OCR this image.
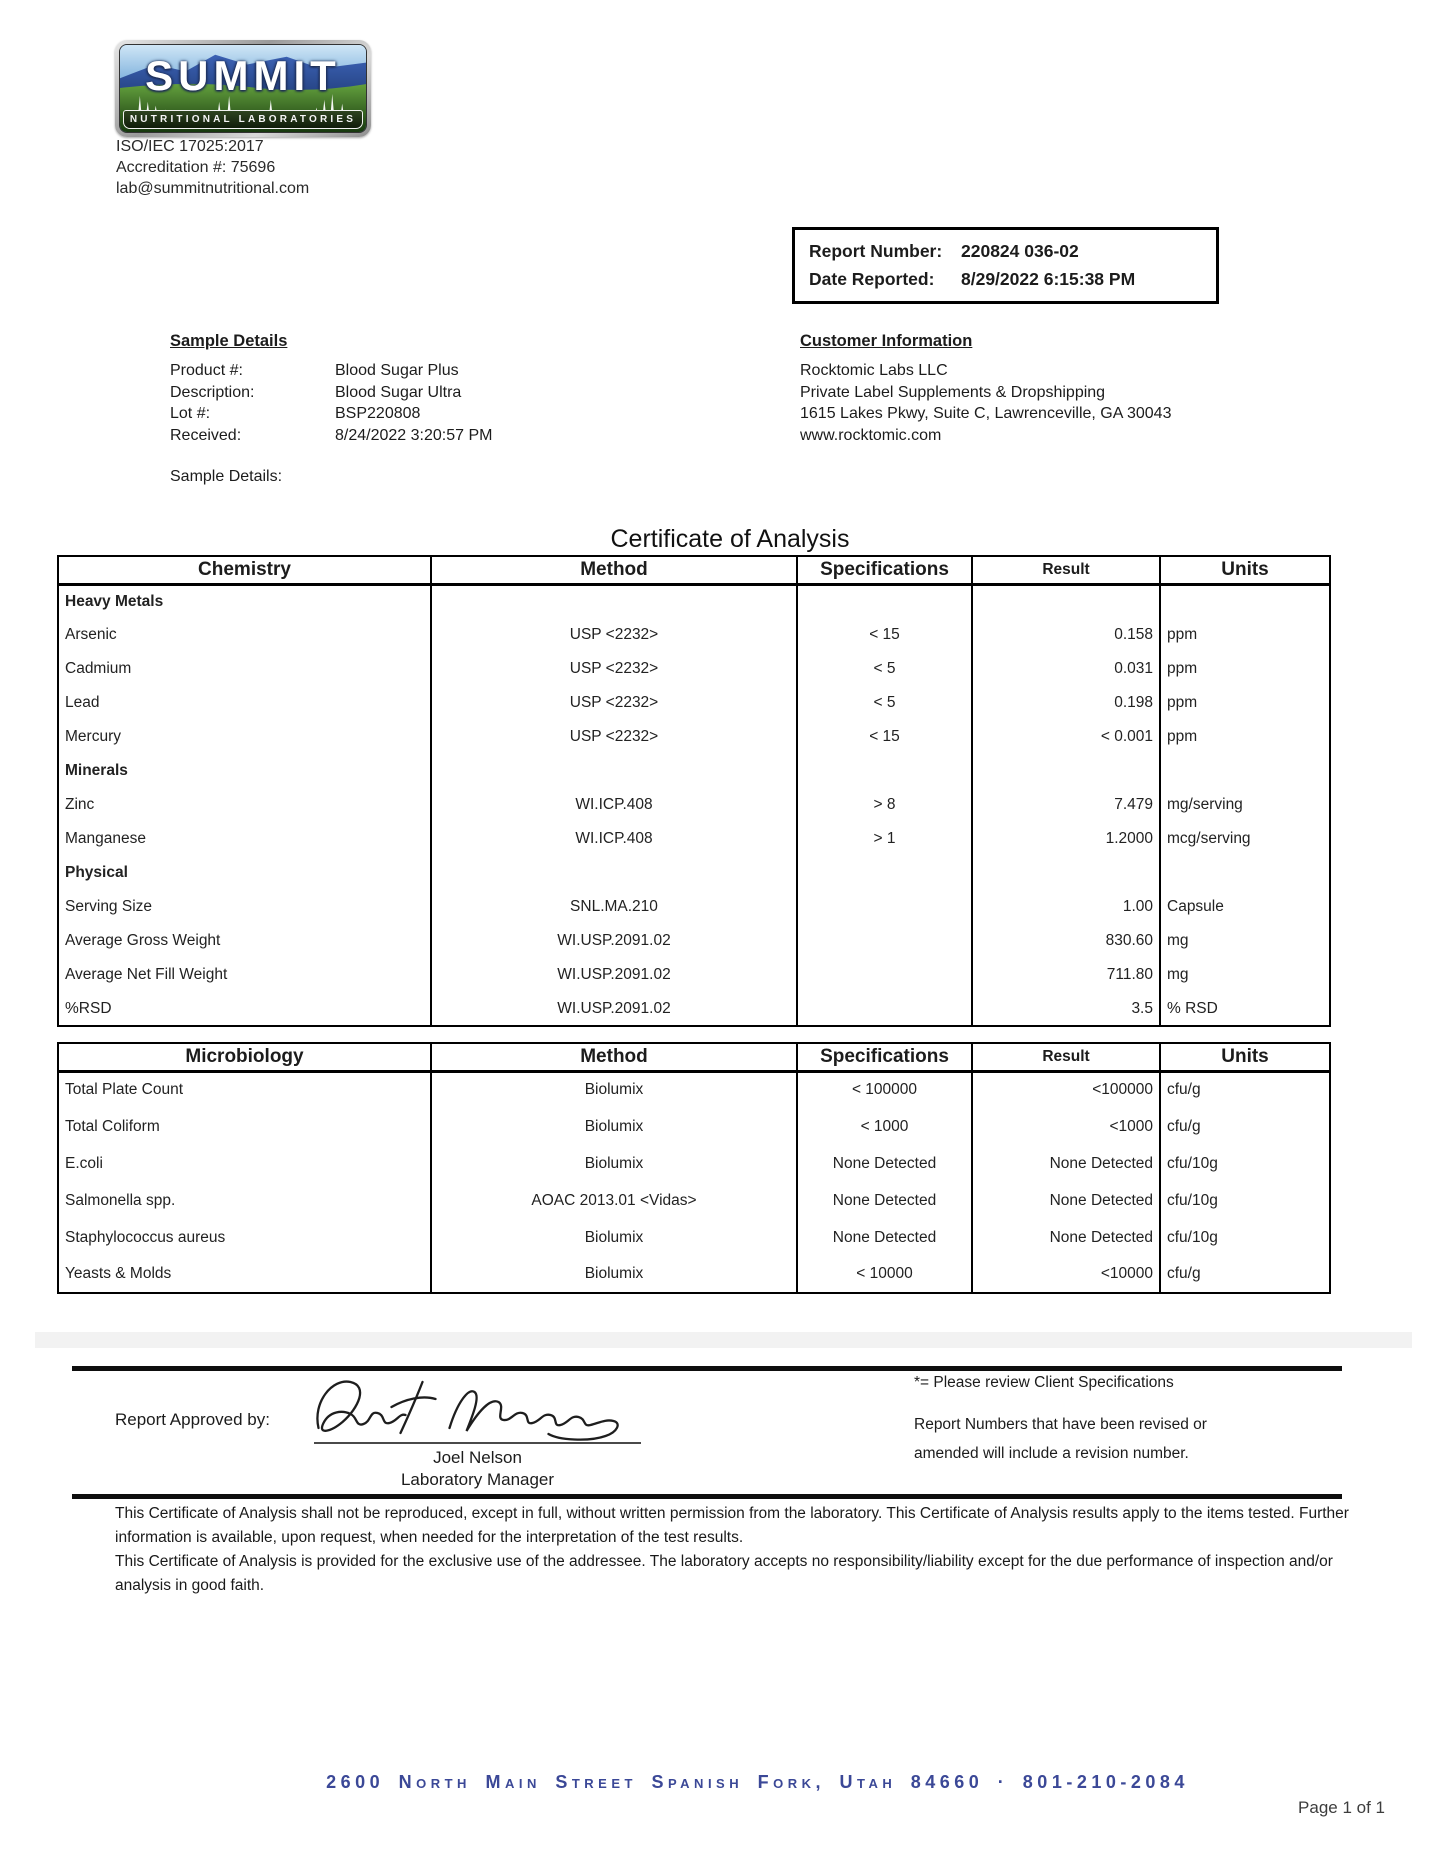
SUMMIT
NUTRITIONAL LABORATORIES
ISO/IEC 17025:2017
Accreditation #: 75696
lab@summitnutritional.com
Report Number:	220824 036-02
Date Reported:	8/29/2022 6:15:38 PM
Sample Details
Product #:	Blood Sugar Plus
Description:	Blood Sugar Ultra
Lot #:	BSP220808
Received:	8/24/2022 3:20:57 PM
Sample Details:
Customer Information
Rocktomic Labs LLC
Private Label Supplements & Dropshipping
1615 Lakes Pkwy, Suite C, Lawrenceville, GA 30043
www.rocktomic.com
Certificate of Analysis
Chemistry	Method	Specifications	Result	Units
Heavy Metals				
Arsenic	USP <2232>	< 15	0.158	ppm
Cadmium	USP <2232>	< 5	0.031	ppm
Lead	USP <2232>	< 5	0.198	ppm
Mercury	USP <2232>	< 15	< 0.001	ppm
Minerals				
Zinc	WI.ICP.408	> 8	7.479	mg/serving
Manganese	WI.ICP.408	> 1	1.2000	mcg/serving
Physical				
Serving Size	SNL.MA.210		1.00	Capsule
Average Gross Weight	WI.USP.2091.02		830.60	mg
Average Net Fill Weight	WI.USP.2091.02		711.80	mg
%RSD	WI.USP.2091.02		3.5	% RSD
Microbiology	Method	Specifications	Result	Units
Total Plate Count	Biolumix	< 100000	<100000	cfu/g
Total Coliform	Biolumix	< 1000	<1000	cfu/g
E.coli	Biolumix	None Detected	None Detected	cfu/10g
Salmonella spp.	AOAC 2013.01 <Vidas>	None Detected	None Detected	cfu/10g
Staphylococcus aureus	Biolumix	None Detected	None Detected	cfu/10g
Yeasts & Molds	Biolumix	< 10000	<10000	cfu/g
Report Approved by:
Joel Nelson
Laboratory Manager
*= Please review Client Specifications
Report Numbers that have been revised or amended will include a revision number.

This Certificate of Analysis shall not be reproduced, except in full, without written permission from the laboratory. This Certificate of Analysis results apply to the items tested. Further information is available, upon request, when needed for the interpretation of the test results.

This Certificate of Analysis is provided for the exclusive use of the addressee. The laboratory accepts no responsibility/liability except for the due performance of inspection and/or analysis in good faith.

2600 North Main Street Spanish Fork, Utah 84660 · 801-210-2084
Page 1 of 1
